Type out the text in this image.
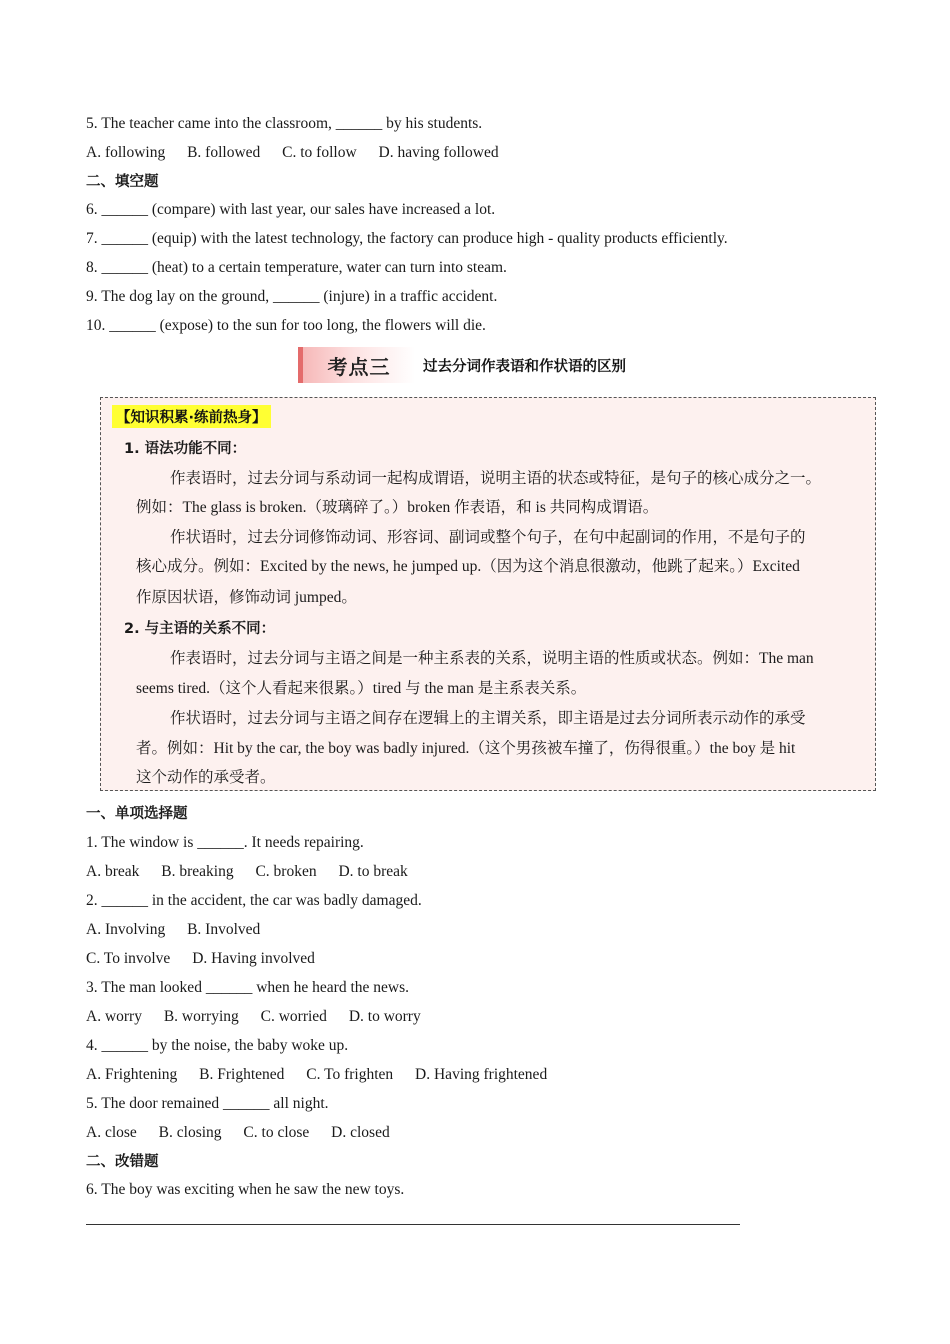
5. The teacher came into the classroom, ______ by his students.
A. following B. followed C. to follow D. having followed
二、填空题
6. ______ (compare) with last year, our sales have increased a lot.
7. ______ (equip) with the latest technology, the factory can produce high - quality products efficiently.
8. ______ (heat) to a certain temperature, water can turn into steam.
9. The dog lay on the ground, ______ (injure) in a traffic accident.
10. ______ (expose) to the sun for too long, the flowers will die.
考点三	过去分词作表语和作状语的区别
【知识积累·练前热身】
1. 语法功能不同：
作表语时，过去分词与系动词一起构成谓语，说明主语的状态或特征，是句子的核心成分之一。
例如：The glass is broken.（玻璃碎了。）broken 作表语，和 is 共同构成谓语。
作状语时，过去分词修饰动词、形容词、副词或整个句子，在句中起副词的作用，不是句子的
核心成分。例如：Excited by the news, he jumped up.（因为这个消息很激动，他跳了起来。）Excited
作原因状语，修饰动词 jumped。
2. 与主语的关系不同：
作表语时，过去分词与主语之间是一种主系表的关系，说明主语的性质或状态。例如：The man
seems tired.（这个人看起来很累。）tired 与 the man 是主系表关系。
作状语时，过去分词与主语之间存在逻辑上的主谓关系，即主语是过去分词所表示动作的承受
者。例如：Hit by the car, the boy was badly injured.（这个男孩被车撞了，伤得很重。）the boy 是 hit
这个动作的承受者。
一、单项选择题
1. The window is ______. It needs repairing.
A. break B. breaking C. broken D. to break
2. ______ in the accident, the car was badly damaged.
A. Involving B. Involved
C. To involve D. Having involved
3. The man looked ______ when he heard the news.
A. worry B. worrying C. worried D. to worry
4. ______ by the noise, the baby woke up.
A. Frightening B. Frightened C. To frighten D. Having frightened
5. The door remained ______ all night.
A. close B. closing C. to close D. closed
二、改错题
6. The boy was exciting when he saw the new toys.
